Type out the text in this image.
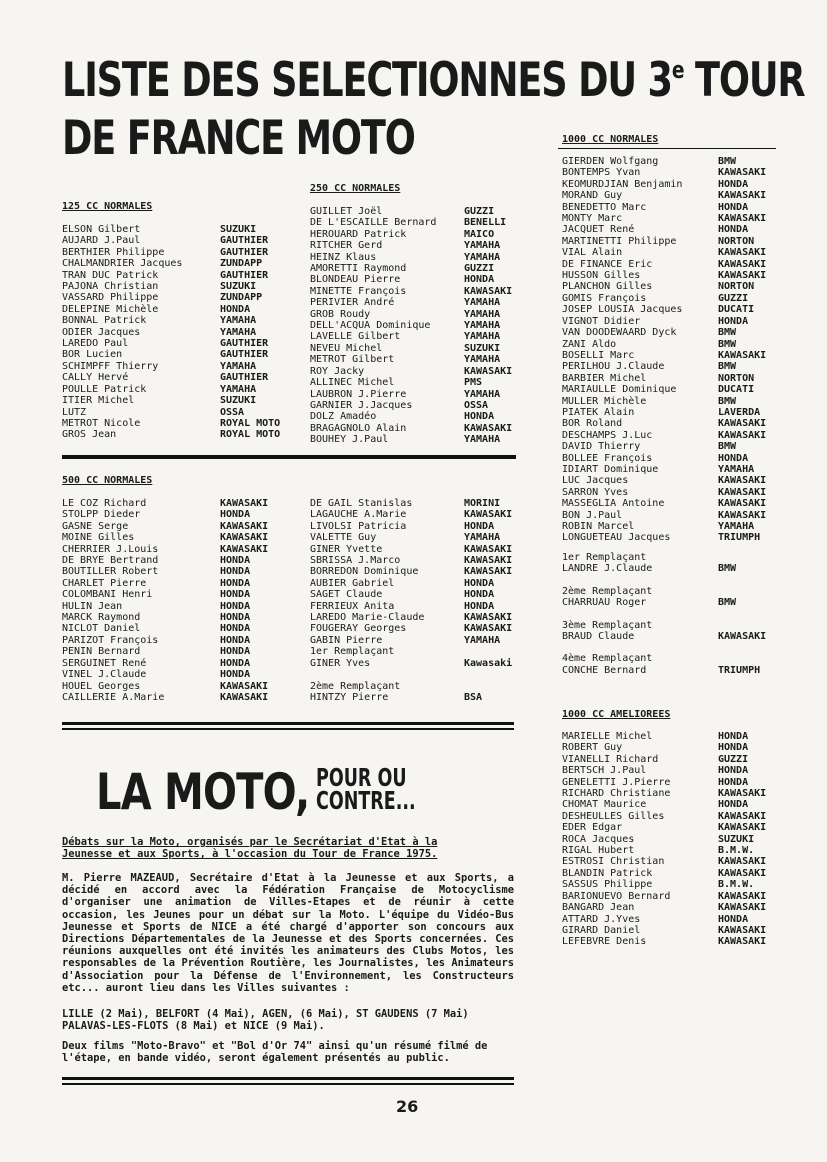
LISTE DES SELECTIONNES DU 3e TOUR
DE FRANCE MOTO
125 CC NORMALES
ELSON Gilbert	SUZUKI
AUJARD J.Paul	GAUTHIER
BERTHIER Philippe	GAUTHIER
CHALMANDRIER Jacques	ZUNDAPP
TRAN DUC Patrick	GAUTHIER
PAJONA Christian	SUZUKI
VASSARD Philippe	ZUNDAPP
DELEPINE Michèle	HONDA
BONNAL Patrick	YAMAHA
ODIER Jacques	YAMAHA
LAREDO Paul	GAUTHIER
BOR Lucien	GAUTHIER
SCHIMPFF Thierry	YAMAHA
CALLY Hervé	GAUTHIER
POULLE Patrick	YAMAHA
ITIER Michel	SUZUKI
LUTZ	OSSA
METROT Nicole	ROYAL MOTO
GROS Jean	ROYAL MOTO
250 CC NORMALES
GUILLET Joël	GUZZI
DE L'ESCAILLE Bernard	BENELLI
HEROUARD Patrick	MAICO
RITCHER Gerd	YAMAHA
HEINZ Klaus	YAMAHA
AMORETTI Raymond	GUZZI
BLONDEAU Pierre	HONDA
MINETTE François	KAWASAKI
PERIVIER André	YAMAHA
GROB Roudy	YAMAHA
DELL'ACQUA Dominique	YAMAHA
LAVELLE Gilbert	YAMAHA
NEVEU Michel	SUZUKI
METROT Gilbert	YAMAHA
ROY Jacky	KAWASAKI
ALLINEC Michel	PMS
LAUBRON J.Pierre	YAMAHA
GARNIER J.Jacques	OSSA
DOLZ Amadéo	HONDA
BRAGAGNOLO Alain	KAWASAKI
BOUHEY J.Paul	YAMAHA
500 CC NORMALES
LE COZ Richard	KAWASAKI
STOLPP Dieder	HONDA
GASNE Serge	KAWASAKI
MOINE Gilles	KAWASAKI
CHERRIER J.Louis	KAWASAKI
DE BRYE Bertrand	HONDA
BOUTILLER Robert	HONDA
CHARLET Pierre	HONDA
COLOMBANI Henri	HONDA
HULIN Jean	HONDA
MARCK Raymond	HONDA
NICLOT Daniel	HONDA
PARIZOT François	HONDA
PENIN Bernard	HONDA
SERGUINET René	HONDA
VINEL J.Claude	HONDA
HOUEL Georges	KAWASAKI
CAILLERIE A.Marie	KAWASAKI
DE GAIL Stanislas	MORINI
LAGAUCHE A.Marie	KAWASAKI
LIVOLSI Patricia	HONDA
VALETTE Guy	YAMAHA
GINER Yvette	KAWASAKI
SBRISSA J.Marco	KAWASAKI
BORREDON Dominique	KAWASAKI
AUBIER Gabriel	HONDA
SAGET Claude	HONDA
FERRIEUX Anita	HONDA
LAREDO Marie-Claude	KAWASAKI
FOUGERAY Georges	KAWASAKI
GABIN Pierre	YAMAHA
1er Remplaçant
GINER Yves	Kawasaki

2ème Remplaçant
HINTZY Pierre	BSA
1000 CC NORMALES
GIERDEN Wolfgang	BMW
BONTEMPS Yvan	KAWASAKI
KEOMURDJIAN Benjamin	HONDA
MORAND Guy	KAWASAKI
BENEDETTO Marc	HONDA
MONTY Marc	KAWASAKI
JACQUET René	HONDA
MARTINETTI Philippe	NORTON
VIAL Alain	KAWASAKI
DE FINANCE Eric	KAWASAKI
HUSSON Gilles	KAWASAKI
PLANCHON Gilles	NORTON
GOMIS François	GUZZI
JOSEP LOUSIA Jacques	DUCATI
VIGNOT Didier	HONDA
VAN DOODEWAARD Dyck	BMW
ZANI Aldo	BMW
BOSELLI Marc	KAWASAKI
PERILHOU J.Claude	BMW
BARBIER Michel	NORTON
MARIAULLE Dominique	DUCATI
MULLER Michèle	BMW
PIATEK Alain	LAVERDA
BOR Roland	KAWASAKI
DESCHAMPS J.Luc	KAWASAKI
DAVID Thierry	BMW
BOLLEE François	HONDA
IDIART Dominique	YAMAHA
LUC Jacques	KAWASAKI
SARRON Yves	KAWASAKI
MASSEGLIA Antoine	KAWASAKI
BON J.Paul	KAWASAKI
ROBIN Marcel	YAMAHA
LONGUETEAU Jacques	TRIUMPH
1er Remplaçant
LANDRE J.Claude	BMW
2ème Remplaçant
CHARRUAU Roger	BMW
3ème Remplaçant
BRAUD Claude	KAWASAKI
4ème Remplaçant
CONCHE Bernard	TRIUMPH
1000 CC AMELIOREES
MARIELLE Michel	HONDA
ROBERT Guy	HONDA
VIANELLI Richard	GUZZI
BERTSCH J.Paul	HONDA
GENELETTI J.Pierre	HONDA
RICHARD Christiane	KAWASAKI
CHOMAT Maurice	HONDA
DESHEULLES Gilles	KAWASAKI
EDER Edgar	KAWASAKI
ROCA Jacques	SUZUKI
RIGAL Hubert	B.M.W.
ESTROSI Christian	KAWASAKI
BLANDIN Patrick	KAWASAKI
SASSUS Philippe	B.M.W.
BARIONUEVO Bernard	KAWASAKI
BANGARD Jean	KAWASAKI
ATTARD J.Yves	HONDA
GIRARD Daniel	KAWASAKI
LEFEBVRE Denis	KAWASAKI
LA MOTO, POUR OU
CONTRE...
Débats sur la Moto, organisés par le Secrétariat d'Etat à la
Jeunesse et aux Sports, à l'occasion du Tour de France 1975.

M. Pierre MAZEAUD, Secrétaire d'Etat à la Jeunesse et aux Sports, a décidé en accord avec la Fédération Française de Motocyclisme d'organiser une animation de Villes-Etapes et de réunir à cette occasion, les Jeunes pour un débat sur la Moto. L'équipe du Vidéo-Bus Jeunesse et Sports de NICE a été chargé d'apporter son concours aux Directions Départementales de la Jeunesse et des Sports concernées. Ces réunions auxquelles ont été invités les animateurs des Clubs Motos, les responsables de la Prévention Routière, les Journalistes, les Animateurs d'Association pour la Défense de l'Environnement, les Constructeurs etc... auront lieu dans les Villes suivantes :

LILLE (2 Mai), BELFORT (4 Mai), AGEN, (6 Mai), ST GAUDENS (7 Mai) PALAVAS-LES-FLOTS (8 Mai) et NICE (9 Mai).

Deux films "Moto-Bravo" et "Bol d'Or 74" ainsi qu'un résumé filmé de l'étape, en bande vidéo, seront également présentés au public.

26
